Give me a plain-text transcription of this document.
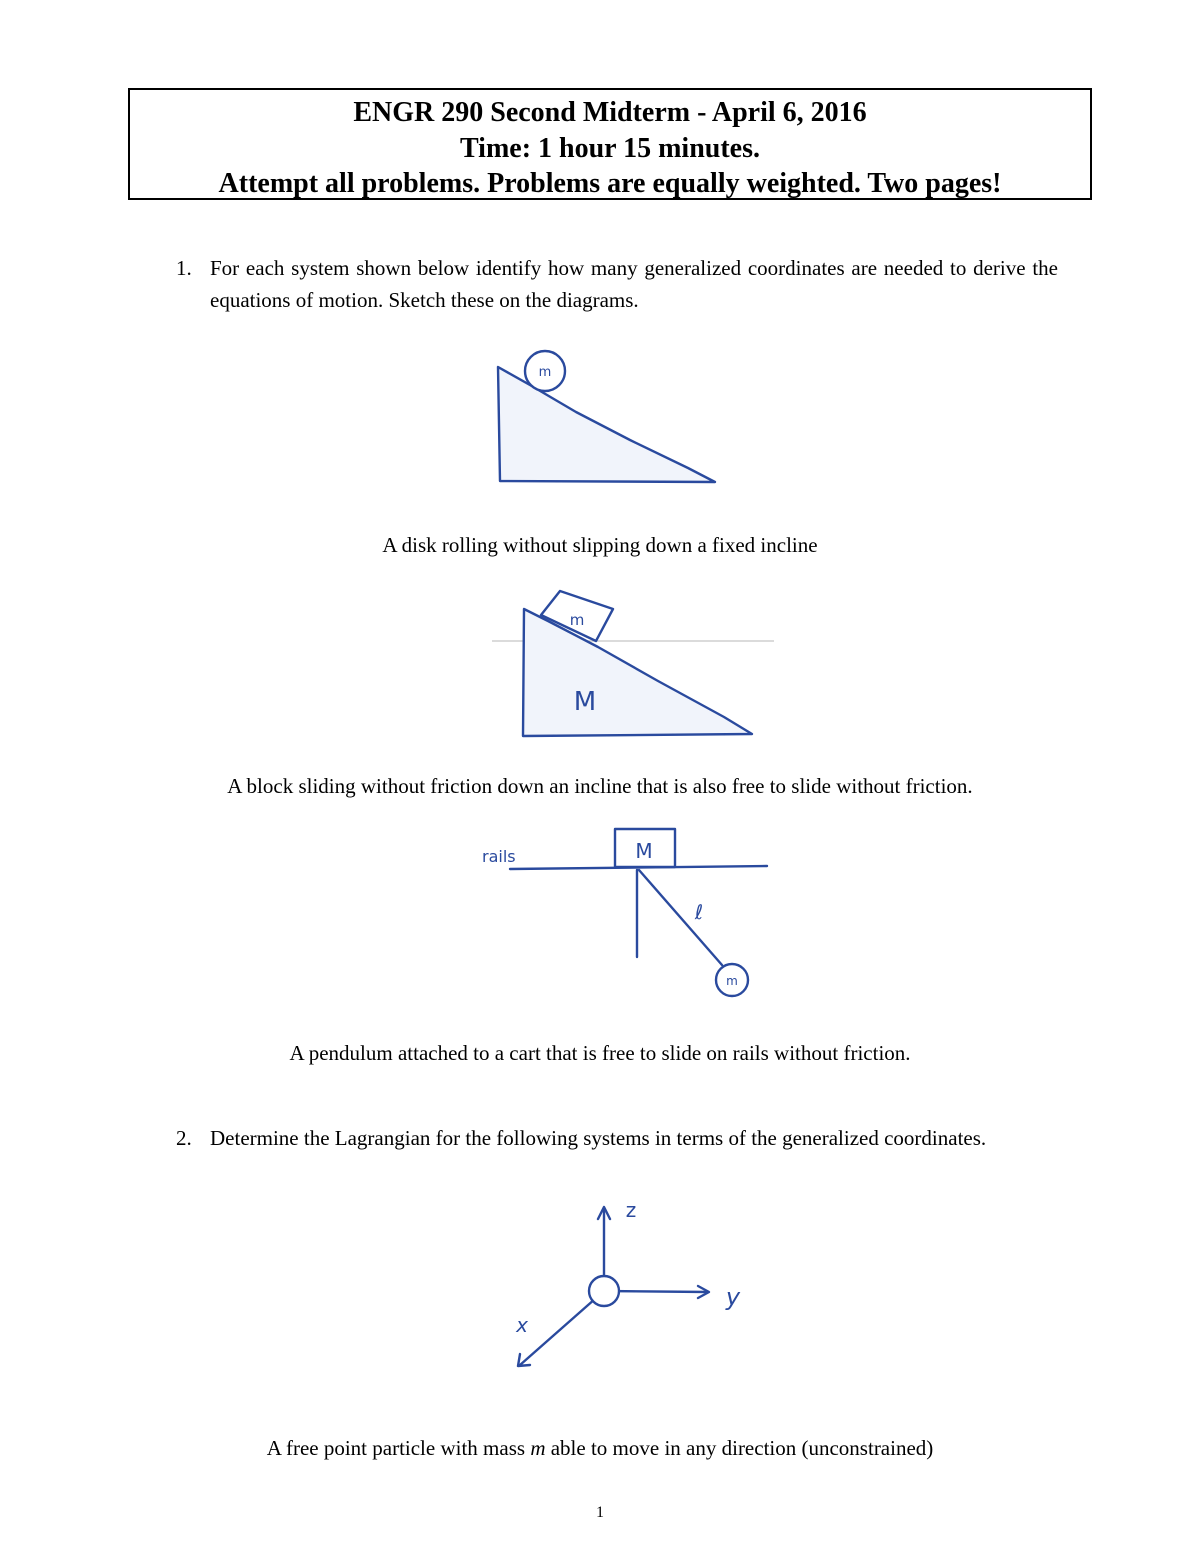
ENGR 290 Second Midterm - April 6, 2016
Time: 1 hour 15 minutes.
Attempt all problems. Problems are equally weighted. Two pages!
1. For each system shown below identify how many generalized coordinates are needed to derive the equations of motion. Sketch these on the diagrams.
m
A disk rolling without slipping down a fixed incline
m
M
A block sliding without friction down an incline that is also free to slide without friction.
rails	M
ℓ
m
A pendulum attached to a cart that is free to slide on rails without friction.
2. Determine the Lagrangian for the following systems in terms of the generalized coordinates.
z
y
x
A free point particle with mass m able to move in any direction (unconstrained)
1
